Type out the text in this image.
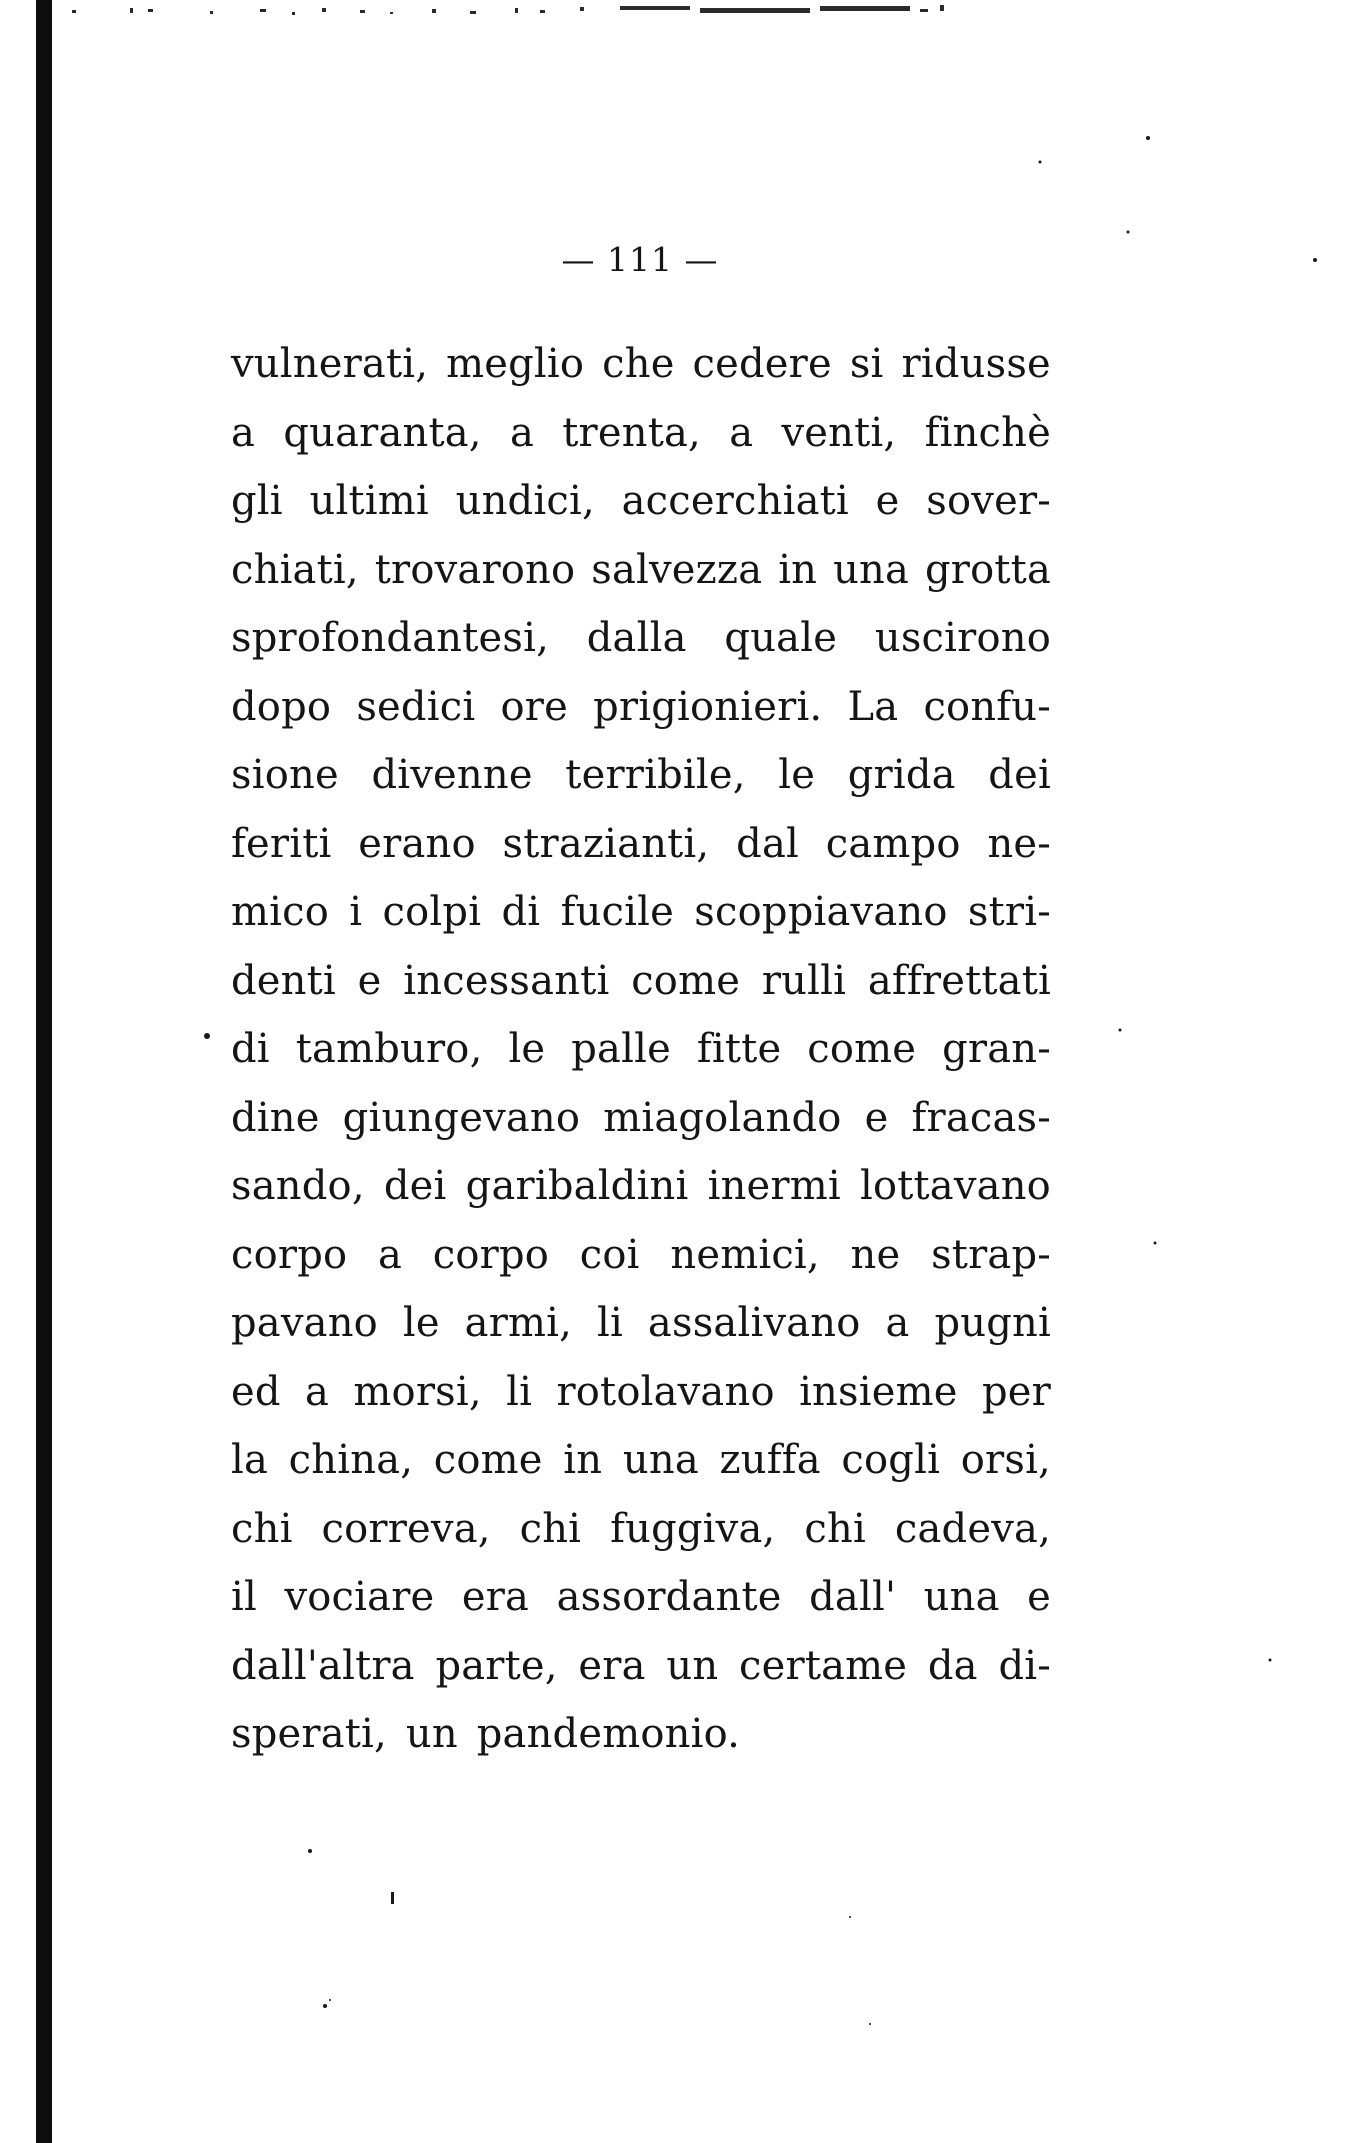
— 111 —
vulnerati, meglio che cedere si ridusse
a quaranta, a trenta, a venti, finchè
gli ultimi undici, accerchiati e sover-
chiati, trovarono salvezza in una grotta
sprofondantesi, dalla quale uscirono
dopo sedici ore prigionieri. La confu-
sione divenne terribile, le grida dei
feriti erano strazianti, dal campo ne-
mico i colpi di fucile scoppiavano stri-
denti e incessanti come rulli affrettati
di tamburo, le palle fitte come gran-
dine giungevano miagolando e fracas-
sando, dei garibaldini inermi lottavano
corpo a corpo coi nemici, ne strap-
pavano le armi, li assalivano a pugni
ed a morsi, li rotolavano insieme per
la china, come in una zuffa cogli orsi,
chi correva, chi fuggiva, chi cadeva,
il vociare era assordante dall' una e
dall'altra parte, era un certame da di-
sperati, un pandemonio.
